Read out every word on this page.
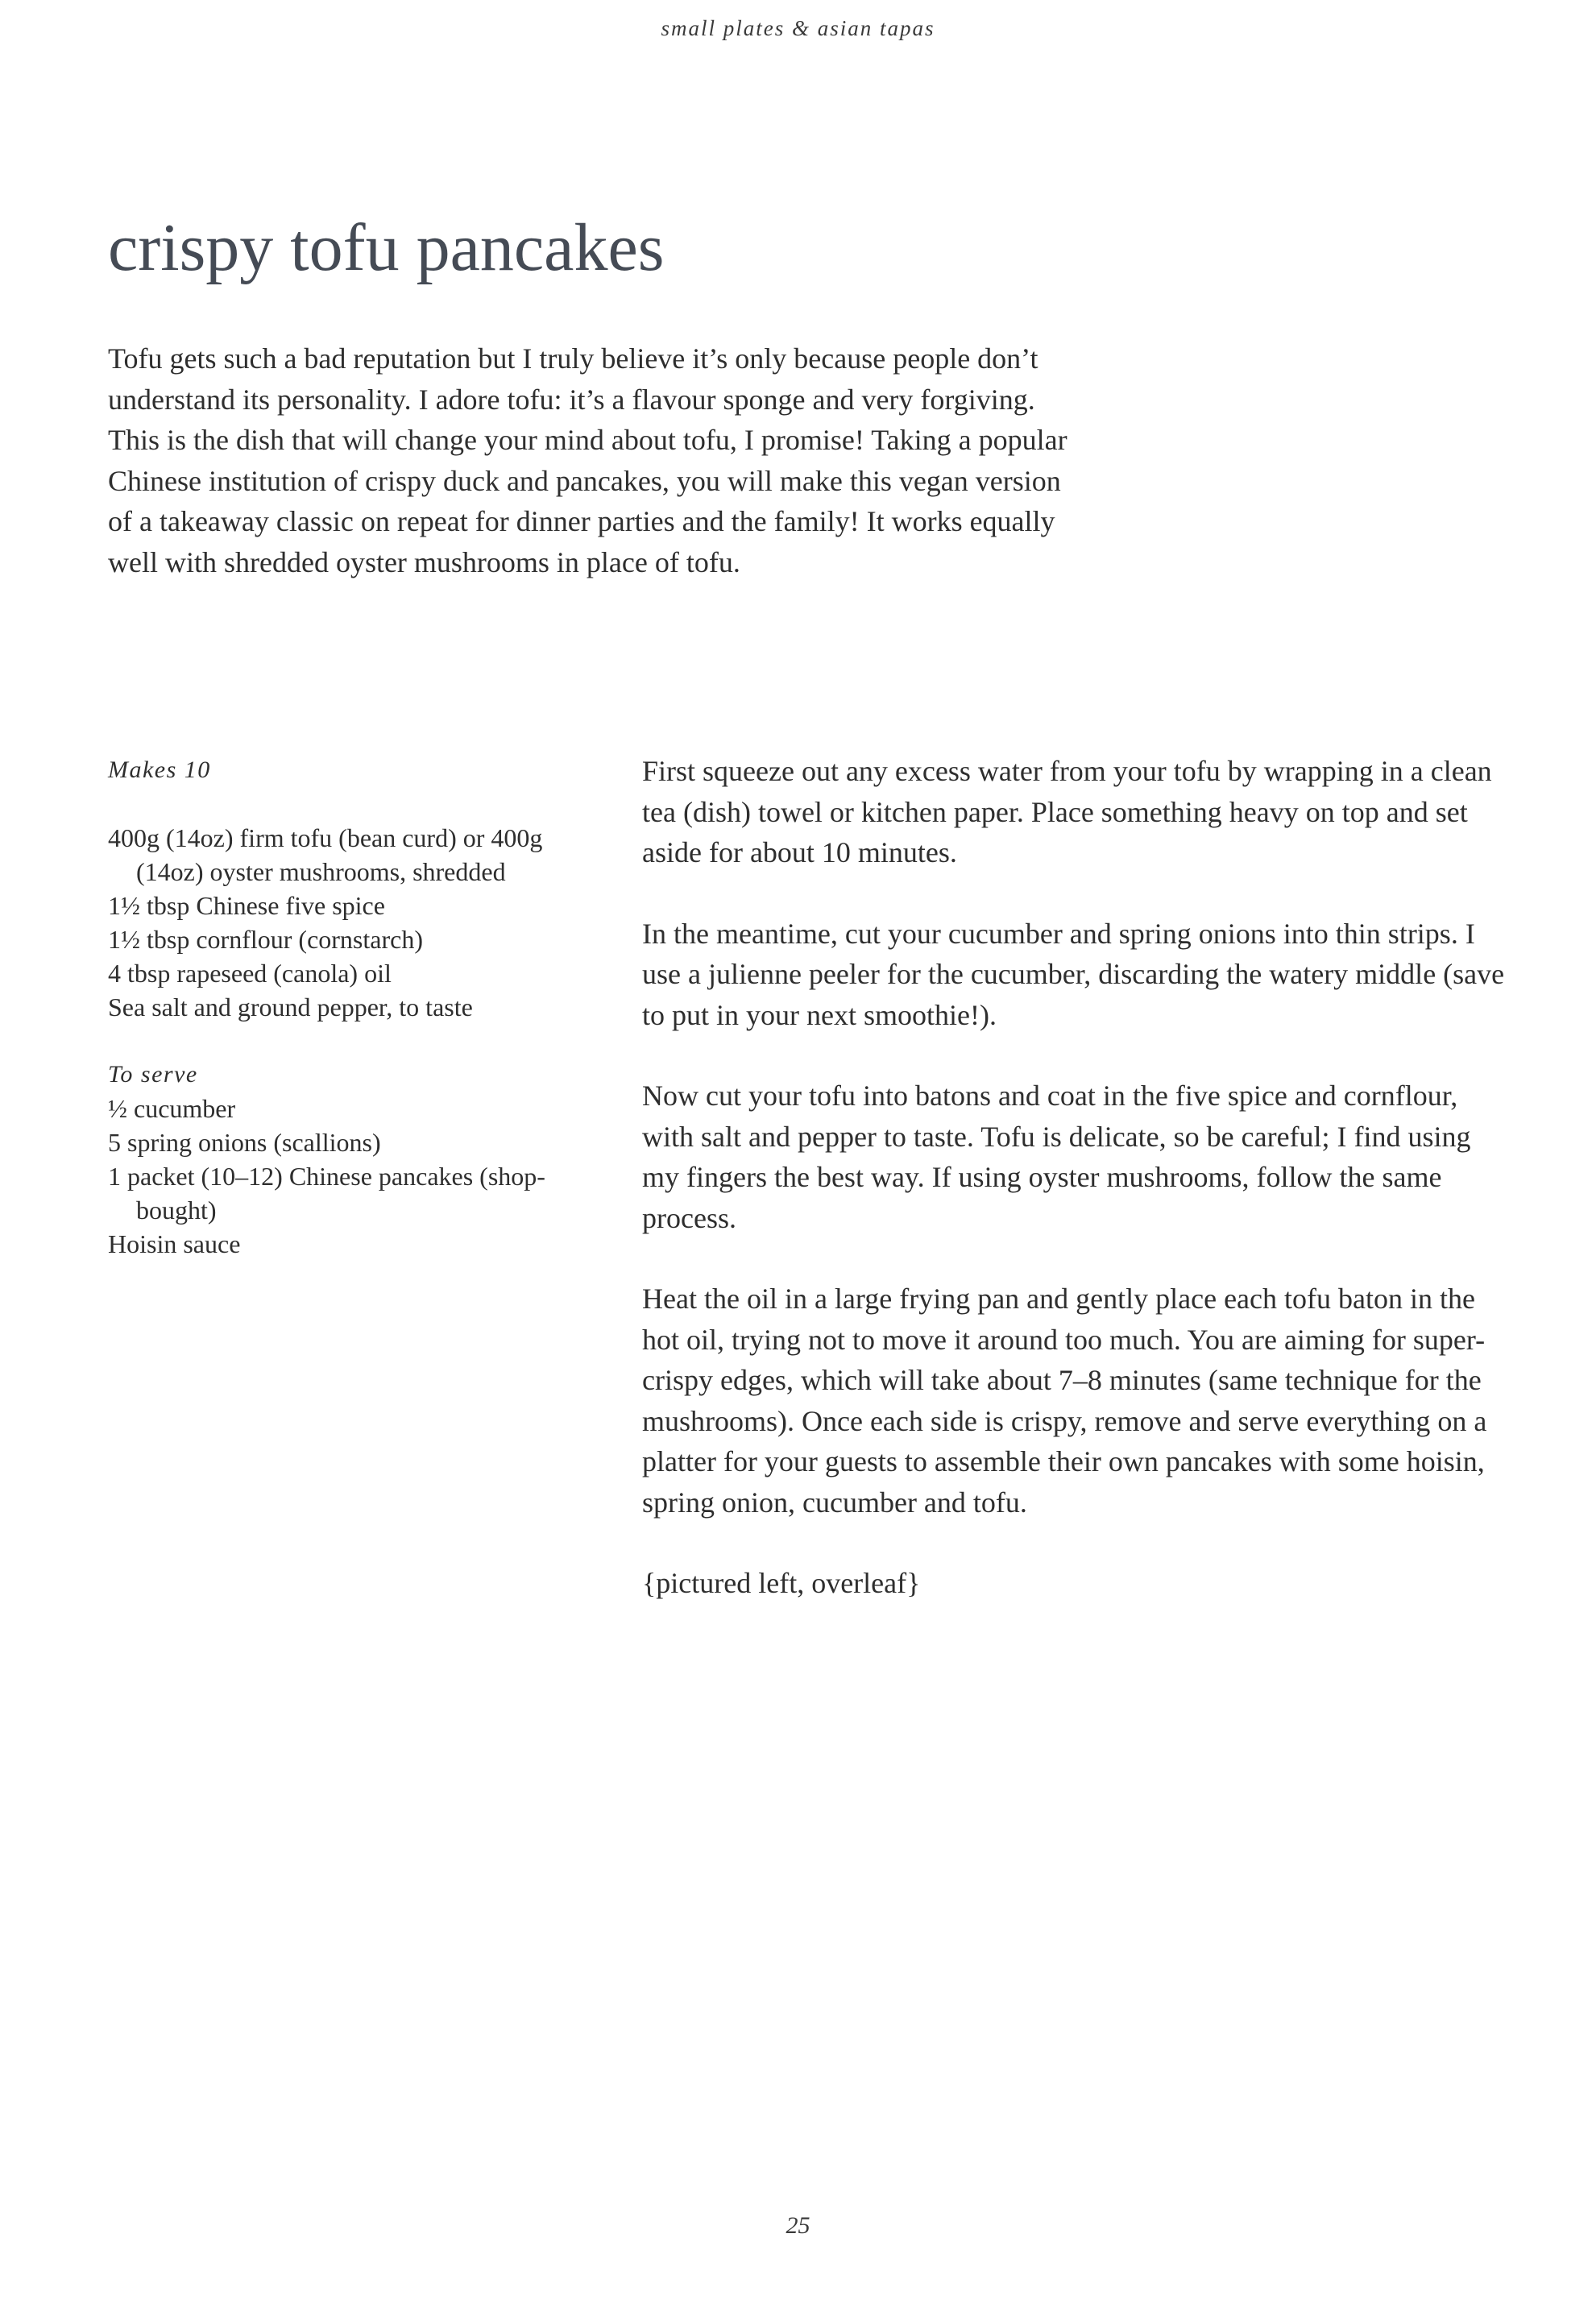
small plates & asian tapas
crispy tofu pancakes

Tofu gets such a bad reputation but I truly believe it’s only because people don’t understand its personality. I adore tofu: it’s a flavour sponge and very forgiving. This is the dish that will change your mind about tofu, I promise! Taking a popular Chinese institution of crispy duck and pancakes, you will make this vegan version of a takeaway classic on repeat for dinner parties and the family! It works equally well with shredded oyster mushrooms in place of tofu.

Makes 10

400g (14oz) firm tofu (bean curd) or 400g (14oz) oyster mushrooms, shredded
1½ tbsp Chinese five spice
1½ tbsp cornflour (cornstarch)
4 tbsp rapeseed (canola) oil
Sea salt and ground pepper, to taste

To serve

½ cucumber
5 spring onions (scallions)
1 packet (10–12) Chinese pancakes (shop-bought)
Hoisin sauce

First squeeze out any excess water from your tofu by wrapping in a clean tea (dish) towel or kitchen paper. Place something heavy on top and set aside for about 10 minutes.

In the meantime, cut your cucumber and spring onions into thin strips. I use a julienne peeler for the cucumber, discarding the watery middle (save to put in your next smoothie!).

Now cut your tofu into batons and coat in the five spice and cornflour, with salt and pepper to taste. Tofu is delicate, so be careful; I find using my fingers the best way. If using oyster mushrooms, follow the same process.

Heat the oil in a large frying pan and gently place each tofu baton in the hot oil, trying not to move it around too much. You are aiming for super-crispy edges, which will take about 7–8 minutes (same technique for the mushrooms). Once each side is crispy, remove and serve everything on a platter for your guests to assemble their own pancakes with some hoisin, spring onion, cucumber and tofu.

{pictured left, overleaf}

25
